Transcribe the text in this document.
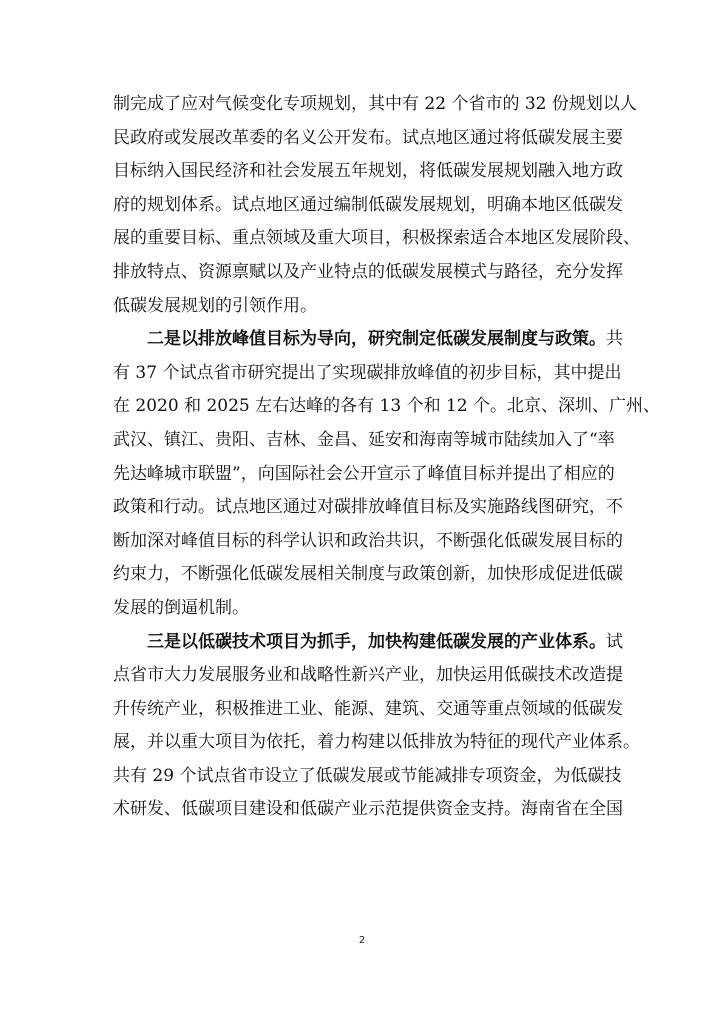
制完成了应对气候变化专项规划，其中有 22 个省市的 32 份规划以人
民政府或发展改革委的名义公开发布。试点地区通过将低碳发展主要
目标纳入国民经济和社会发展五年规划，将低碳发展规划融入地方政
府的规划体系。试点地区通过编制低碳发展规划，明确本地区低碳发
展的重要目标、重点领域及重大项目，积极探索适合本地区发展阶段、
排放特点、资源禀赋以及产业特点的低碳发展模式与路径，充分发挥
低碳发展规划的引领作用。
二是以排放峰值目标为导向，研究制定低碳发展制度与政策。共
有 37 个试点省市研究提出了实现碳排放峰值的初步目标，其中提出
在 2020 和 2025 左右达峰的各有 13 个和 12 个。北京、深圳、广州、
武汉、镇江、贵阳、吉林、金昌、延安和海南等城市陆续加入了“率
先达峰城市联盟”，向国际社会公开宣示了峰值目标并提出了相应的
政策和行动。试点地区通过对碳排放峰值目标及实施路线图研究，不
断加深对峰值目标的科学认识和政治共识，不断强化低碳发展目标的
约束力，不断强化低碳发展相关制度与政策创新，加快形成促进低碳
发展的倒逼机制。
三是以低碳技术项目为抓手，加快构建低碳发展的产业体系。试
点省市大力发展服务业和战略性新兴产业，加快运用低碳技术改造提
升传统产业，积极推进工业、能源、建筑、交通等重点领域的低碳发
展，并以重大项目为依托，着力构建以低排放为特征的现代产业体系。
共有 29 个试点省市设立了低碳发展或节能减排专项资金，为低碳技
术研发、低碳项目建设和低碳产业示范提供资金支持。海南省在全国
2
